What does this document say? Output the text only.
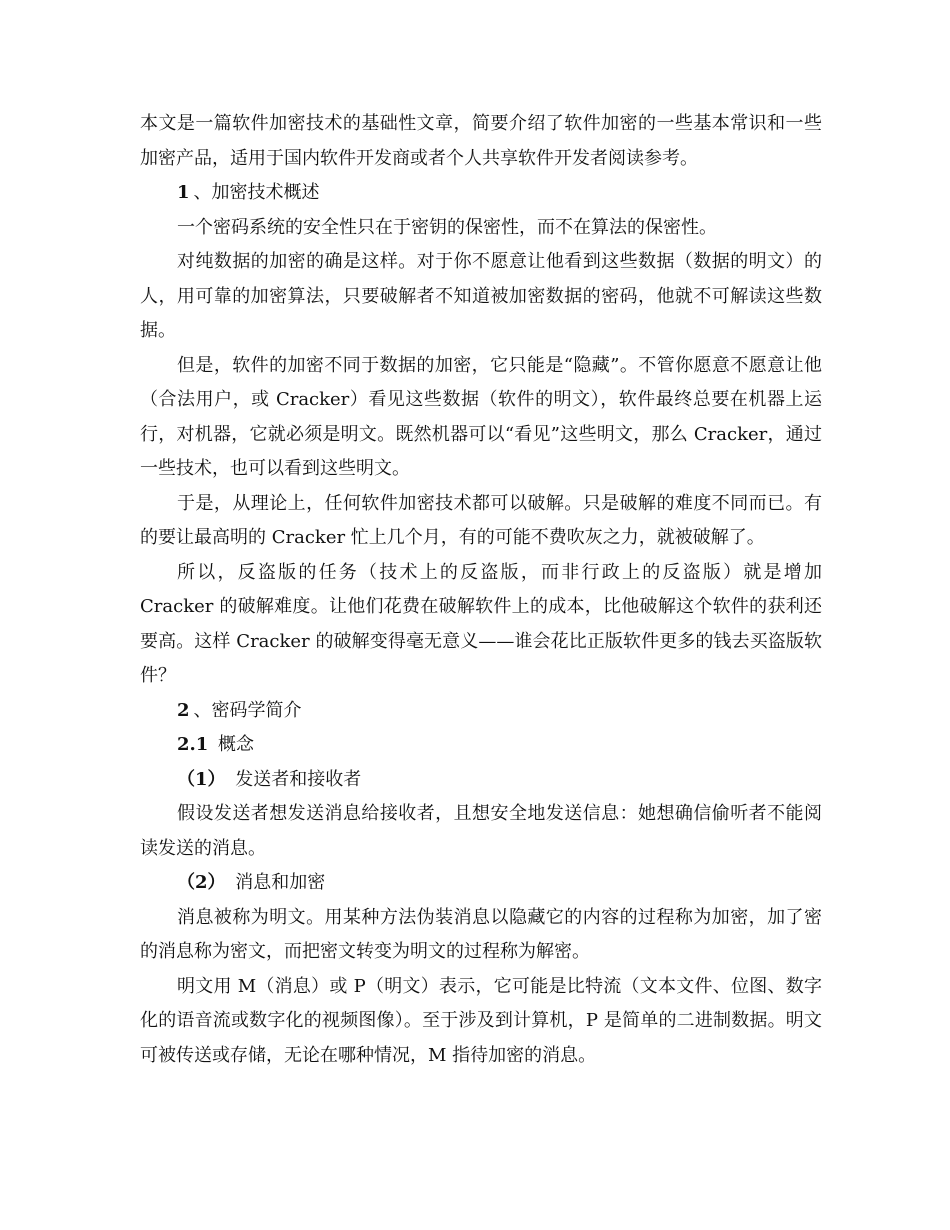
本文是一篇软件加密技术的基础性文章，简要介绍了软件加密的一些基本常识和一些加密产品，适用于国内软件开发商或者个人共享软件开发者阅读参考。

1 、加密技术概述

一个密码系统的安全性只在于密钥的保密性，而不在算法的保密性。

对纯数据的加密的确是这样。对于你不愿意让他看到这些数据（数据的明文）的人，用可靠的加密算法，只要破解者不知道被加密数据的密码，他就不可解读这些数据。

但是，软件的加密不同于数据的加密，它只能是“隐藏”。不管你愿意不愿意让他（合法用户，或 Cracker）看见这些数据（软件的明文），软件最终总要在机器上运行，对机器，它就必须是明文。既然机器可以“看见”这些明文，那么 Cracker，通过一些技术，也可以看到这些明文。

于是，从理论上，任何软件加密技术都可以破解。只是破解的难度不同而已。有的要让最高明的 Cracker 忙上几个月，有的可能不费吹灰之力，就被破解了。

所以，反盗版的任务（技术上的反盗版，而非行政上的反盗版）就是增加 Cracker 的破解难度。让他们花费在破解软件上的成本，比他破解这个软件的获利还要高。这样 Cracker 的破解变得毫无意义——谁会花比正版软件更多的钱去买盗版软件？

2 、密码学简介

2.1 概念

（1） 发送者和接收者

假设发送者想发送消息给接收者，且想安全地发送信息：她想确信偷听者不能阅读发送的消息。

（2） 消息和加密

消息被称为明文。用某种方法伪装消息以隐藏它的内容的过程称为加密，加了密的消息称为密文，而把密文转变为明文的过程称为解密。

明文用 M（消息）或 P（明文）表示，它可能是比特流（文本文件、位图、数字化的语音流或数字化的视频图像）。至于涉及到计算机，P 是简单的二进制数据。明文可被传送或存储，无论在哪种情况，M 指待加密的消息。
